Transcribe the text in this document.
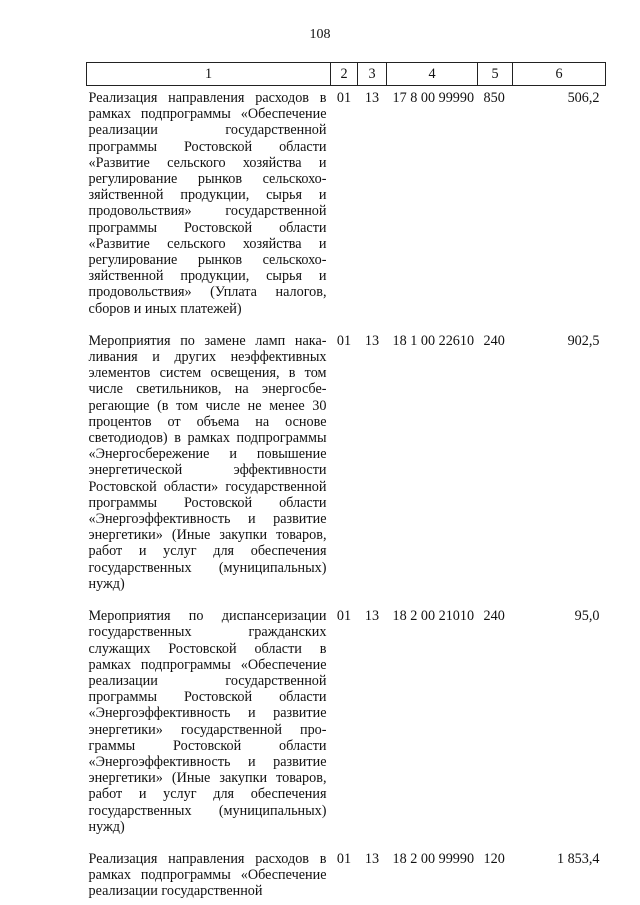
108
1	2	3	4	5	6
Реализация направления расходов в рамках подпрограммы «Обеспечение реализации государственной программы Ростовской области «Развитие сельского хозяйства и регулирование рынков сельскохозяйственной продукции, сырья и продовольствия» государственной программы Ростовской области «Развитие сельского хозяйства и регулирование рынков сельскохозяйственной продукции, сырья и продовольствия» (Уплата налогов, сборов и иных платежей)	01	13	17 8 00 99990	850	506,2
Мероприятия по замене ламп накаливания и других неэффективных элементов систем освещения, в том числе светильников, на энергосберегающие (в том числе не менее 30 процентов от объема на основе светодиодов) в рамках подпрограммы «Энергосбережение и повышение энергетической эффективности Ростовской области» государственной программы Ростовской области «Энергоэффективность и развитие энергетики» (Иные закупки товаров, работ и услуг для обеспечения государственных (муниципальных) нужд)	01	13	18 1 00 22610	240	902,5
Мероприятия по диспансеризации государственных гражданских служащих Ростовской области в рамках подпрограммы «Обеспечение реализации государственной программы Ростовской области «Энергоэффективность и развитие энергетики» государственной программы Ростовской области «Энергоэффективность и развитие энергетики» (Иные закупки товаров, работ и услуг для обеспечения государственных (муниципальных) нужд)	01	13	18 2 00 21010	240	95,0
Реализация направления расходов в рамках подпрограммы «Обеспечение реализации государственной	01	13	18 2 00 99990	120	1 853,4
